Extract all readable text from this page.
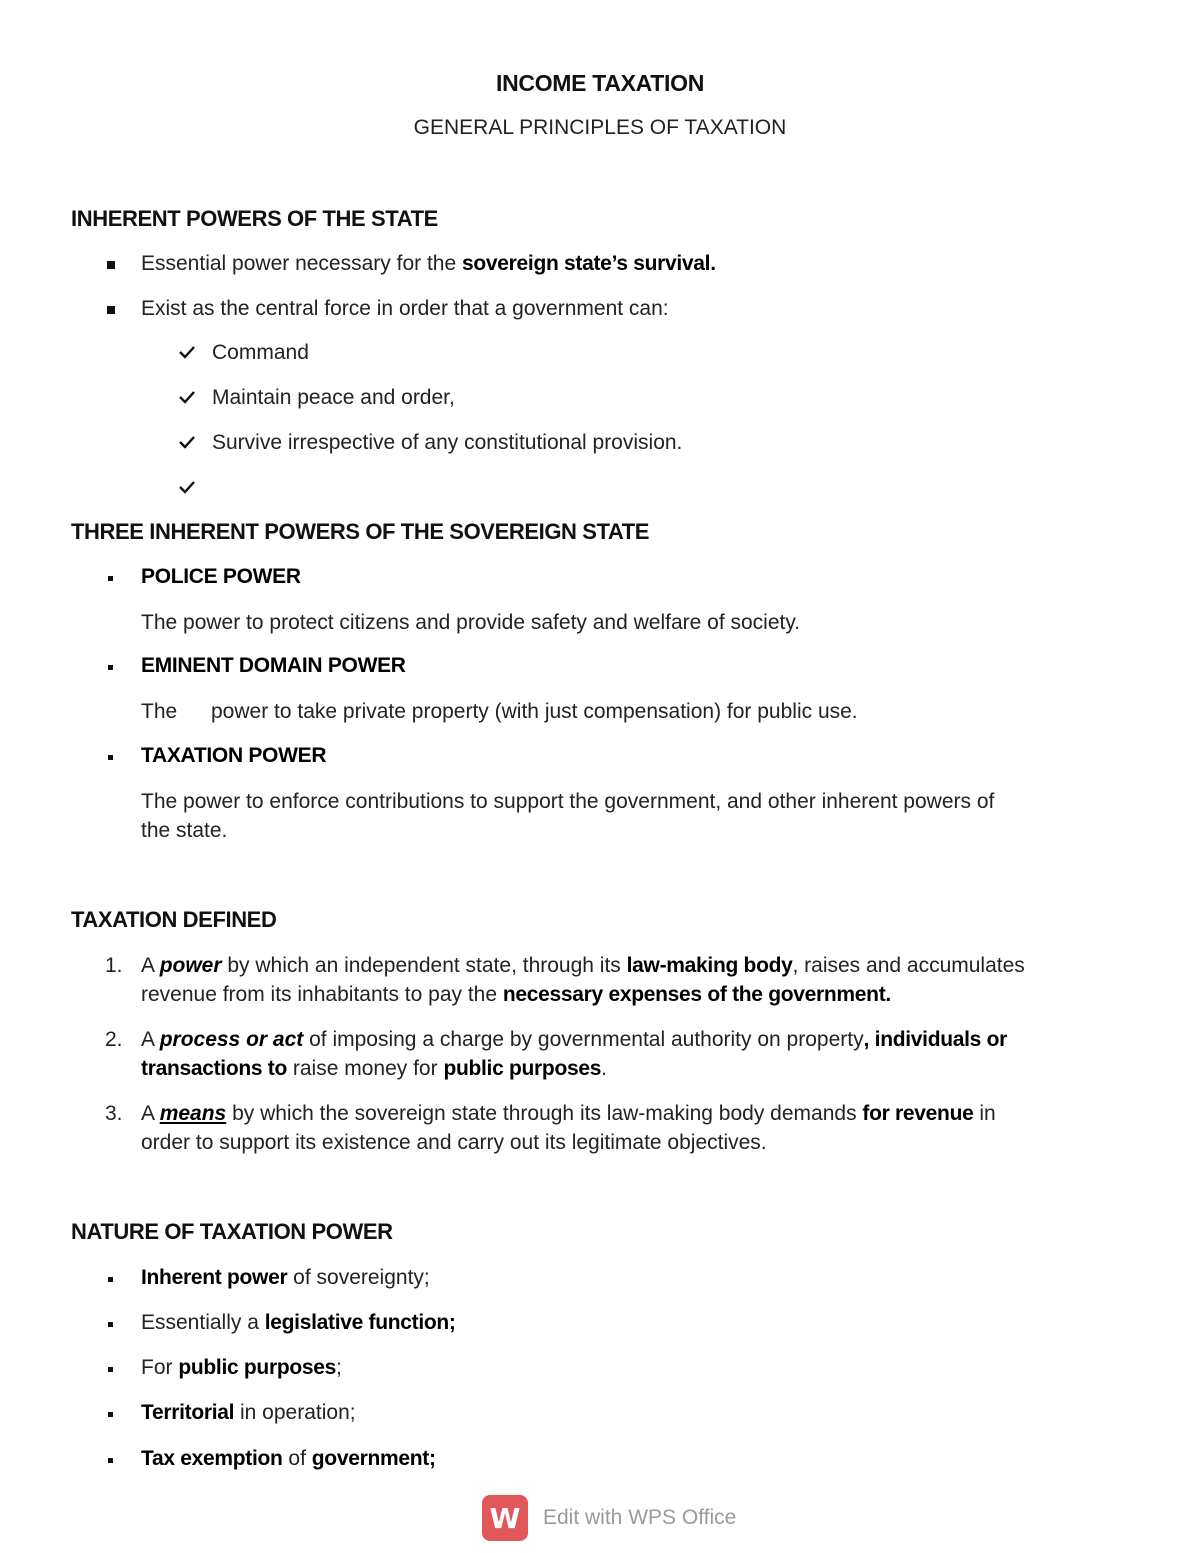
INCOME TAXATION
GENERAL PRINCIPLES OF TAXATION
INHERENT POWERS OF THE STATE
Essential power necessary for the sovereign state’s survival.
Exist as the central force in order that a government can:
Command
Maintain peace and order,
Survive irrespective of any constitutional provision.
THREE INHERENT POWERS OF THE SOVEREIGN STATE
POLICE POWER
The power to protect citizens and provide safety and welfare of society.
EMINENT DOMAIN POWER
The power to take private property (with just compensation) for public use.
TAXATION POWER
The power to enforce contributions to support the government, and other inherent powers of
the state.
TAXATION DEFINED
1. A power by which an independent state, through its law-making body, raises and accumulates
revenue from its inhabitants to pay the necessary expenses of the government.
2. A process or act of imposing a charge by governmental authority on property, individuals or
transactions to raise money for public purposes.
3. A means by which the sovereign state through its law-making body demands for revenue in
order to support its existence and carry out its legitimate objectives.
NATURE OF TAXATION POWER
Inherent power of sovereignty;
Essentially a legislative function;
For public purposes;
Territorial in operation;
Tax exemption of government;
W Edit with WPS Office
